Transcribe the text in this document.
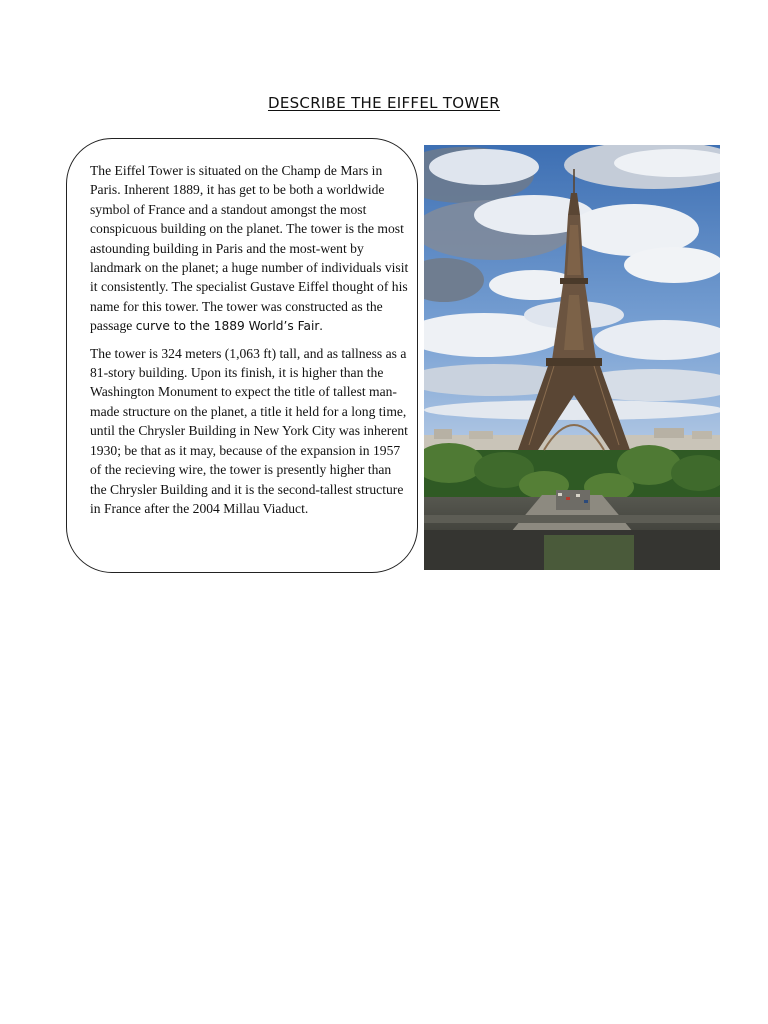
DESCRIBE THE EIFFEL TOWER

The Eiffel Tower is situated on the Champ de Mars in Paris. Inherent 1889, it has get to be both a worldwide symbol of France and a standout amongst the most conspicuous building on the planet. The tower is the most astounding building in Paris and the most-went by landmark on the planet; a huge number of individuals visit it consistently. The specialist Gustave Eiffel thought of his name for this tower. The tower was constructed as the passage curve to the 1889 World’s Fair.

The tower is 324 meters (1,063 ft) tall, and as tallness as a 81-story building. Upon its finish, it is higher than the Washington Monument to expect the title of tallest man-made structure on the planet, a title it held for a long time, until the Chrysler Building in New York City was inherent 1930; be that as it may, because of the expansion in 1957 of the recieving wire, the tower is presently higher than the Chrysler Building and it is the second-tallest structure in France after the 2004 Millau Viaduct.
